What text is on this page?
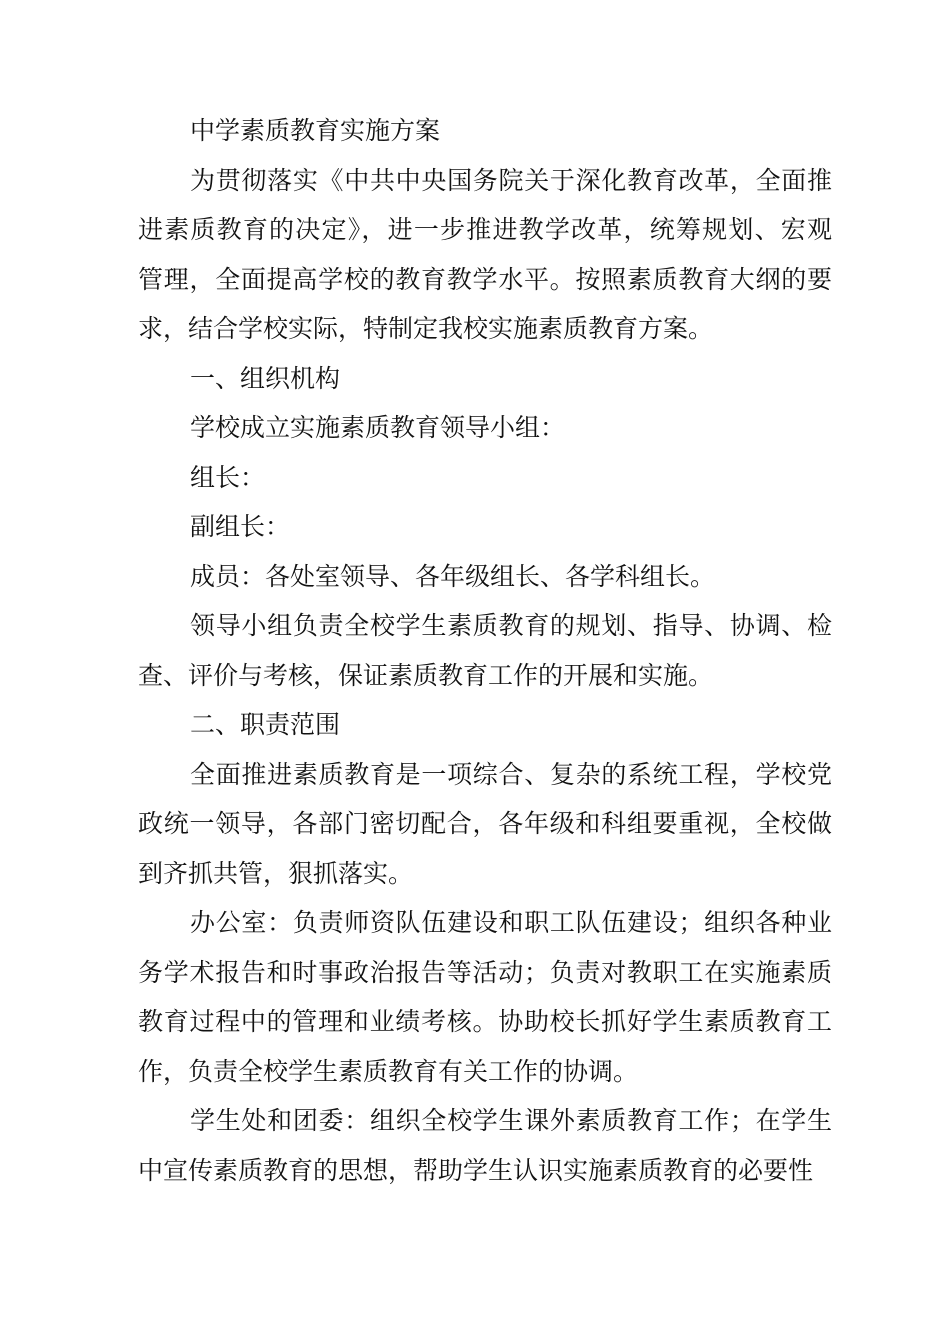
中学素质教育实施方案
为贯彻落实《中共中央国务院关于深化教育改革，全面推
进素质教育的决定》，进一步推进教学改革，统筹规划、宏观
管理，全面提高学校的教育教学水平。按照素质教育大纲的要
求，结合学校实际，特制定我校实施素质教育方案。
一、组织机构
学校成立实施素质教育领导小组：
组长：
副组长：
成员：各处室领导、各年级组长、各学科组长。
领导小组负责全校学生素质教育的规划、指导、协调、检
查、评价与考核，保证素质教育工作的开展和实施。
二、职责范围
全面推进素质教育是一项综合、复杂的系统工程，学校党
政统一领导，各部门密切配合，各年级和科组要重视，全校做
到齐抓共管，狠抓落实。
办公室：负责师资队伍建设和职工队伍建设；组织各种业
务学术报告和时事政治报告等活动；负责对教职工在实施素质
教育过程中的管理和业绩考核。协助校长抓好学生素质教育工
作，负责全校学生素质教育有关工作的协调。
学生处和团委：组织全校学生课外素质教育工作；在学生
中宣传素质教育的思想，帮助学生认识实施素质教育的必要性
